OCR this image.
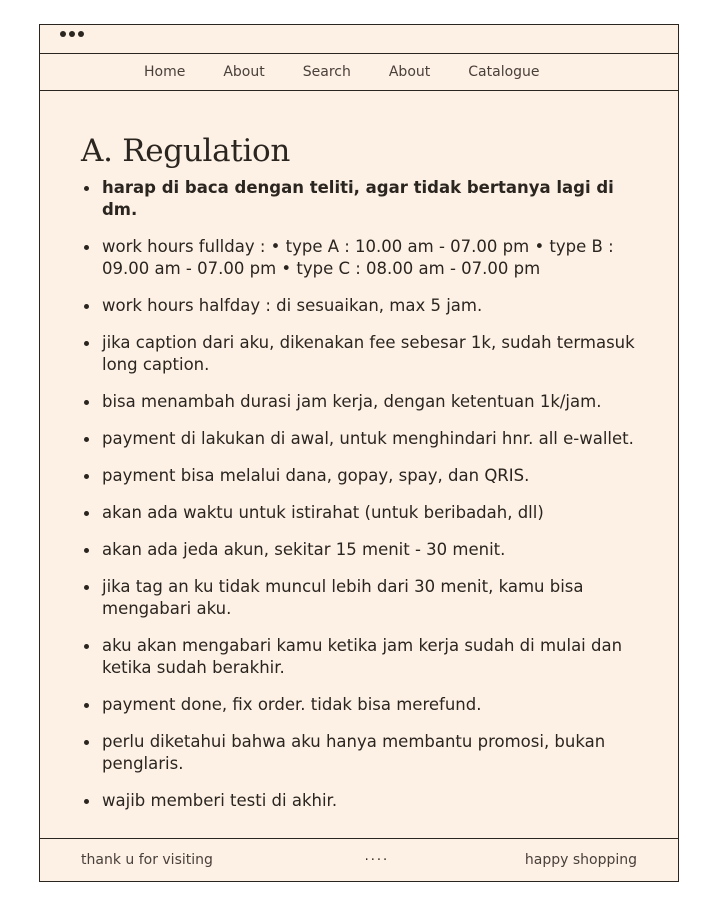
Home	About	Search	About	Catalogue
A. Regulation
harap di baca dengan teliti, agar tidak bertanya lagi di dm.
work hours fullday : • type A : 10.00 am - 07.00 pm • type B : 09.00 am - 07.00 pm • type C : 08.00 am - 07.00 pm
work hours halfday : di sesuaikan, max 5 jam.
jika caption dari aku, dikenakan fee sebesar 1k, sudah termasuk long caption.
bisa menambah durasi jam kerja, dengan ketentuan 1k/jam.
payment di lakukan di awal, untuk menghindari hnr. all e-wallet.
payment bisa melalui dana, gopay, spay, dan QRIS.
akan ada waktu untuk istirahat (untuk beribadah, dll)
akan ada jeda akun, sekitar 15 menit - 30 menit.
jika tag an ku tidak muncul lebih dari 30 menit, kamu bisa mengabari aku.
aku akan mengabari kamu ketika jam kerja sudah di mulai dan ketika sudah berakhir.
payment done, fix order. tidak bisa merefund.
perlu diketahui bahwa aku hanya membantu promosi, bukan penglaris.
wajib memberi testi di akhir.
thank u for visiting	....	happy shopping
